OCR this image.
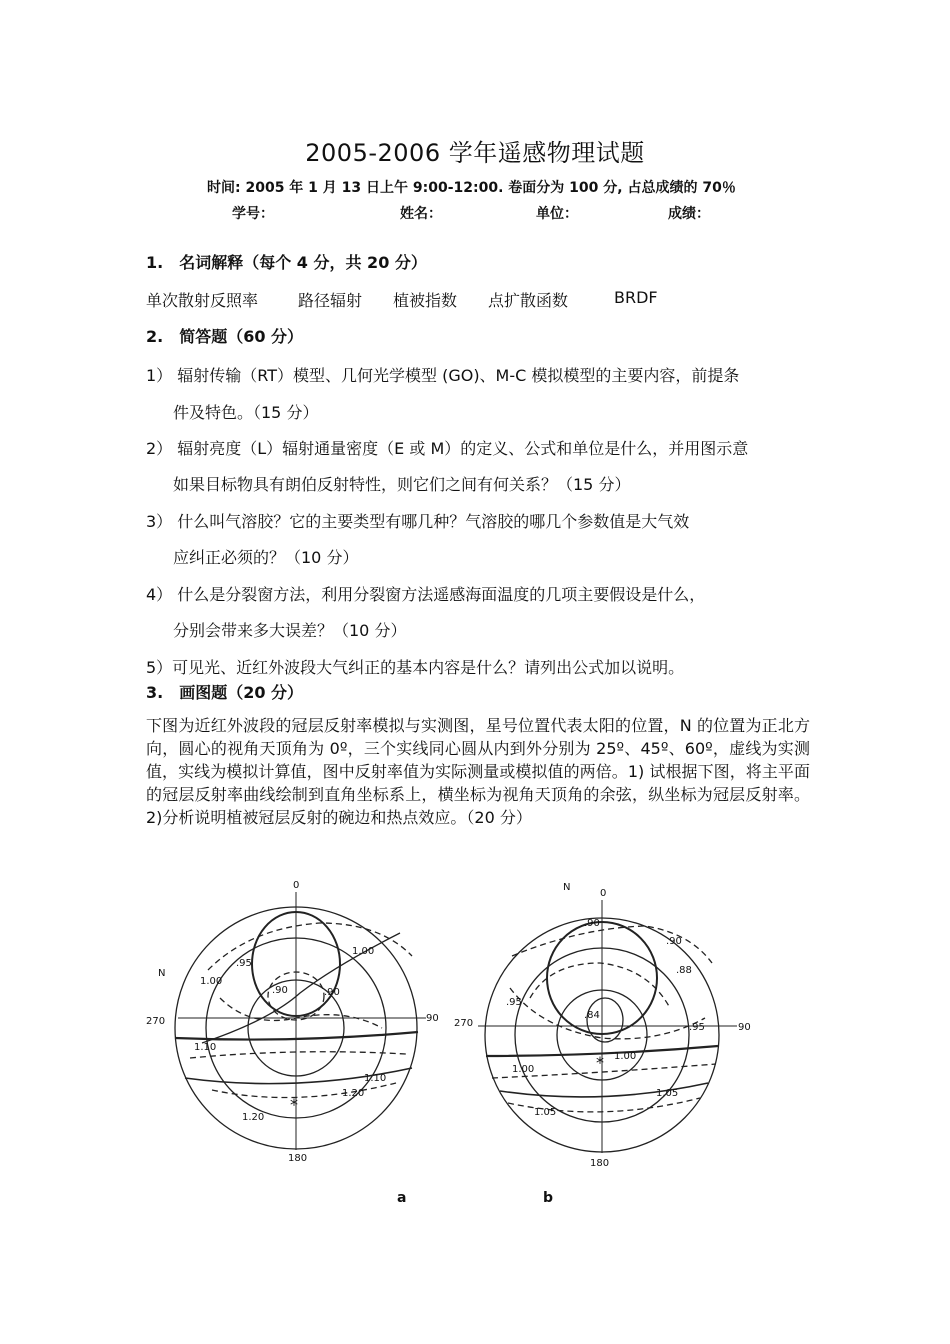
2005-2006 学年遥感物理试题
时间: 2005 年 1 月 13 日上午 9:00-12:00. 卷面分为 100 分, 占总成绩的 70％
学号：	姓名：	单位：	成绩：
1.　名词解释（每个 4 分，共 20 分）
单次散射反照率 路径辐射 植被指数 点扩散函数	BRDF
2.　简答题（60 分）
1） 辐射传输（RT）模型、几何光学模型 (GO)、M-C 模拟模型的主要内容，前提条
件及特色。（15 分）
2） 辐射亮度（L）辐射通量密度（E 或 M）的定义、公式和单位是什么，并用图示意
如果目标物具有朗伯反射特性，则它们之间有何关系？（15 分）
3） 什么叫气溶胶？它的主要类型有哪几种？气溶胶的哪几个参数值是大气效
应纠正必须的？（10 分）
4） 什么是分裂窗方法，利用分裂窗方法遥感海面温度的几项主要假设是什么，
分别会带来多大误差？（10 分）
5）可见光、近红外波段大气纠正的基本内容是什么？请列出公式加以说明。
3.　画图题（20 分）
下图为近红外波段的冠层反射率模拟与实测图，星号位置代表太阳的位置，N 的位置为正北方向，圆心的视角天顶角为 0º，三个实线同心圆从内到外分别为 25º、45º、60º，虚线为实测值，实线为模拟计算值，图中反射率值为实际测量或模拟值的两倍。1) 试根据下图，将主平面的冠层反射率曲线绘制到直角坐标系上，横坐标为视角天顶角的余弦，纵坐标为冠层反射率。2)分析说明植被冠层反射的碗边和热点效应。（20 分）
0
90
180
270
N
1.00
.95
1.00
.90	.90
1.10
1.10
1.20
1.20
*
0
90
180
270
N
.90
.90
.88
.95
.84
.95
1.00
1.00
1.05
1.05
*
a	b
